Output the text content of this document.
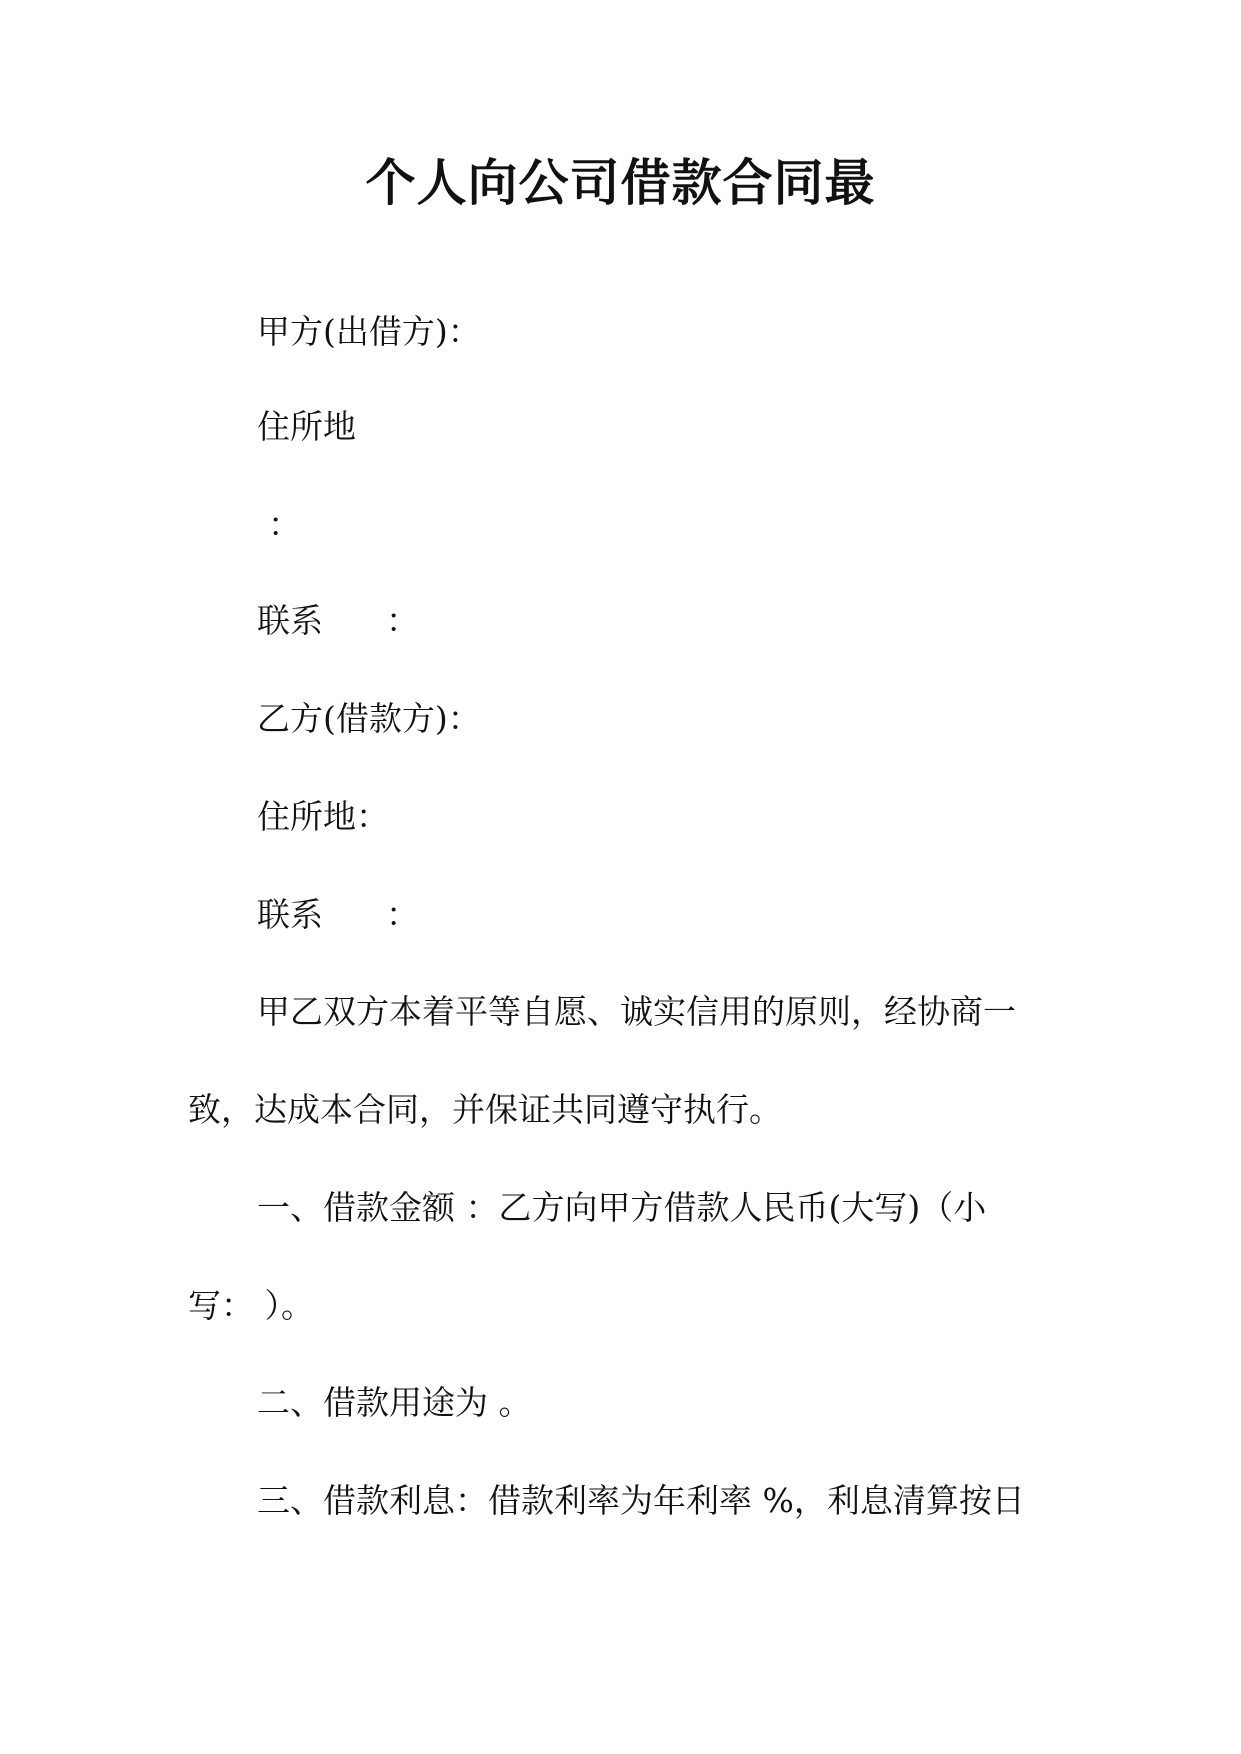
个人向公司借款合同最
甲方(出借方)：
住所地
：
联系      ：
乙方(借款方)：
住所地：
联系      ：
甲乙双方本着平等自愿、诚实信用的原则，经协商一
致，达成本合同，并保证共同遵守执行。
一、借款金额 ：乙方向甲方借款人民币(大写)（小
写： ）。
二、借款用途为 。
三、借款利息：借款利率为年利率 %，利息清算按日
